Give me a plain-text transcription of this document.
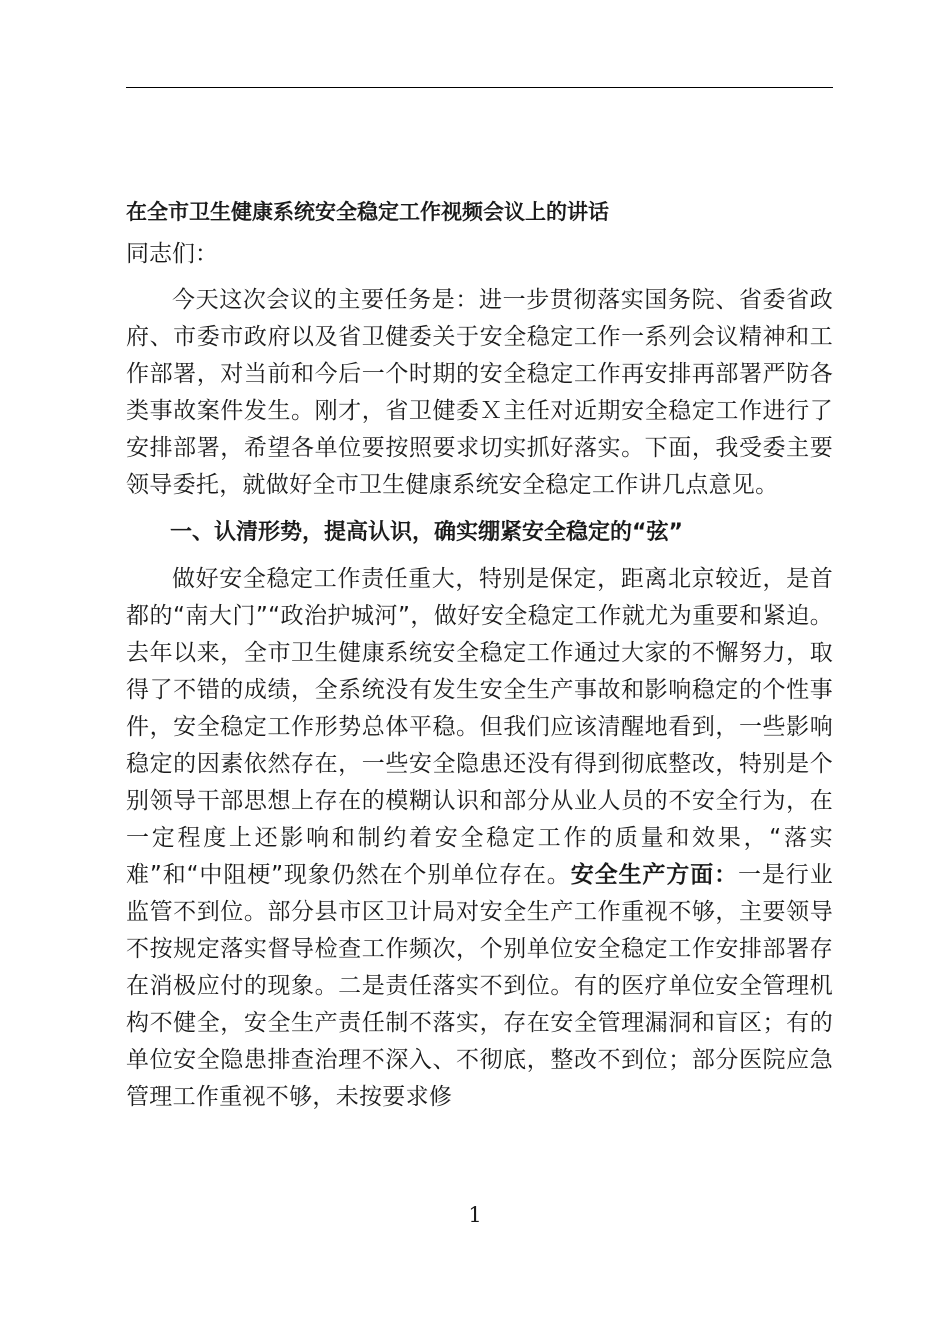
在全市卫生健康系统安全稳定工作视频会议上的讲话

同志们：

今天这次会议的主要任务是：进一步贯彻落实国务院、省委省政府、市委市政府以及省卫健委关于安全稳定工作一系列会议精神和工作部署，对当前和今后一个时期的安全稳定工作再安排再部署严防各类事故案件发生。刚才，省卫健委Ｘ主任对近期安全稳定工作进行了安排部署，希望各单位要按照要求切实抓好落实。下面，我受委主要领导委托，就做好全市卫生健康系统安全稳定工作讲几点意见。

一、认清形势，提高认识，确实绷紧安全稳定的“弦”

做好安全稳定工作责任重大，特别是保定，距离北京较近，是首都的“南大门”“政治护城河”，做好安全稳定工作就尤为重要和紧迫。去年以来，全市卫生健康系统安全稳定工作通过大家的不懈努力，取得了不错的成绩，全系统没有发生安全生产事故和影响稳定的个性事件，安全稳定工作形势总体平稳。但我们应该清醒地看到，一些影响稳定的因素依然存在，一些安全隐患还没有得到彻底整改，特别是个别领导干部思想上存在的模糊认识和部分从业人员的不安全行为，在一定程度上还影响和制约着安全稳定工作的质量和效果，“落实难”和“中阻梗”现象仍然在个别单位存在。安全生产方面：一是行业监管不到位。部分县市区卫计局对安全生产工作重视不够，主要领导不按规定落实督导检查工作频次，个别单位安全稳定工作安排部署存在消极应付的现象。二是责任落实不到位。有的医疗单位安全管理机构不健全，安全生产责任制不落实，存在安全管理漏洞和盲区；有的单位安全隐患排查治理不深入、不彻底，整改不到位；部分医院应急管理工作重视不够，未按要求修

1
